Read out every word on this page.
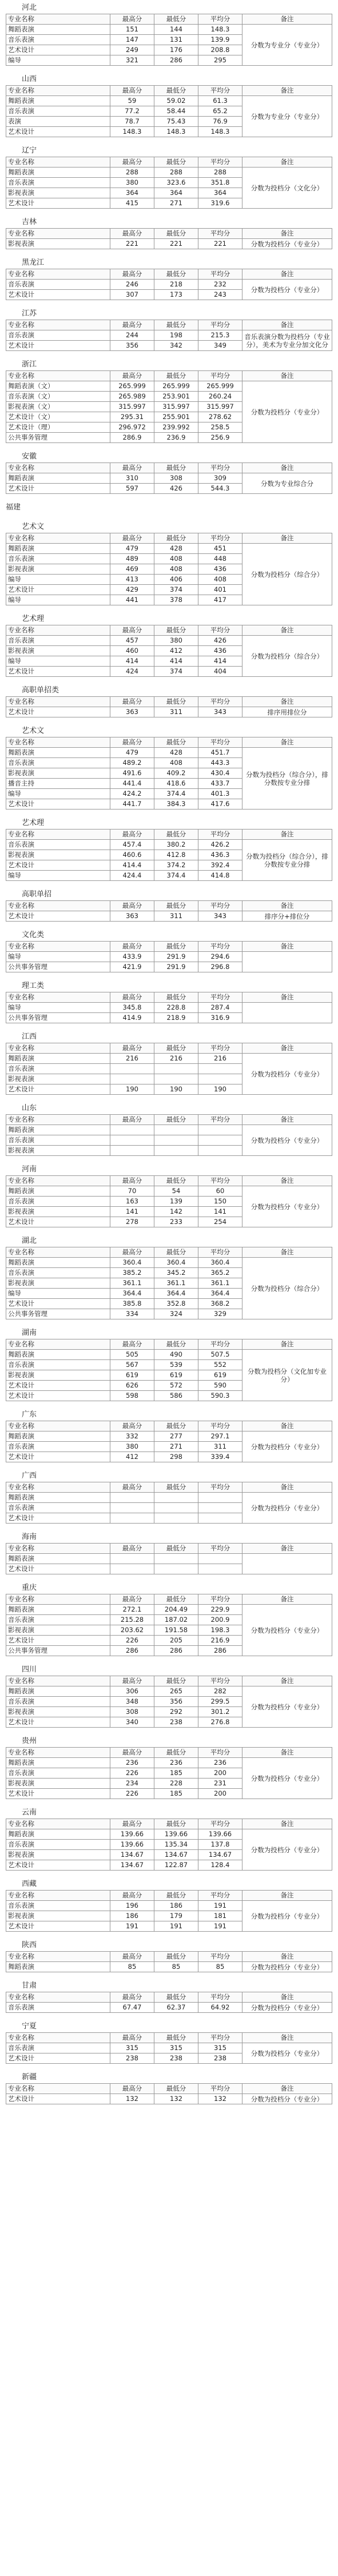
河北
专业名称	最高分	最低分	平均分	备注
舞蹈表演	151	144	148.3	分数为专业分（专业分）
音乐表演	147	131	139.9	
艺术设计	249	176	208.8	
编导	321	286	295	
山西
专业名称	最高分	最低分	平均分	备注
舞蹈表演	59	59.02	61.3	分数为专业分（专业分）
音乐表演	77.2	58.44	65.2	
表演	78.7	75.43	76.9	
艺术设计	148.3	148.3	148.3	
辽宁
专业名称	最高分	最低分	平均分	备注
舞蹈表演	288	288	288	分数为投档分（文化分）
音乐表演	380	323.6	351.8	
影视表演	364	364	364	
艺术设计	415	271	319.6	
吉林
专业名称	最高分	最低分	平均分	备注
影视表演	221	221	221	分数为投档分（专业分）
黑龙江
专业名称	最高分	最低分	平均分	备注
音乐表演	246	218	232	分数为投档分（专业分）
艺术设计	307	173	243	
江苏
专业名称	最高分	最低分	平均分	备注
音乐表演	244	198	215.3	音乐表演分数为投档分（专业分），美术为专业分加文化分
艺术设计	356	342	349	
浙江
专业名称	最高分	最低分	平均分	备注
舞蹈表演（文）	265.999	265.999	265.999	分数为投档分（专业分）
音乐表演（文）	265.989	253.901	260.24	
影视表演（文）	315.997	315.997	315.997	
艺术设计（文）	295.31	255.901	278.62	
艺术设计（理）	296.972	239.992	258.5	
公共事务管理	286.9	236.9	256.9	
安徽
专业名称	最高分	最低分	平均分	备注
舞蹈表演	310	308	309	分数为专业综合分
艺术设计	597	426	544.3	
福建
艺术文
专业名称	最高分	最低分	平均分	备注
舞蹈表演	479	428	451	分数为投档分（综合分）
音乐表演	489	408	448	
影视表演	469	408	436	
编导	413	406	408	
艺术设计	429	374	401	
编导	441	378	417	
艺术理
专业名称	最高分	最低分	平均分	备注
音乐表演	457	380	426	分数为投档分（综合分）
影视表演	460	412	436	
编导	414	414	414	
艺术设计	424	374	404	
高职单招类
专业名称	最高分	最低分	平均分	备注
艺术设计	363	311	343	排序用排位分
艺术文
专业名称	最高分	最低分	平均分	备注
舞蹈表演	479	428	451.7	分数为投档分（综合分），排分数按专业分排
音乐表演	489.2	408	443.3	
影视表演	491.6	409.2	430.4	
播音主持	441.4	418.6	433.7	
编导	424.2	374.4	401.3	
艺术设计	441.7	384.3	417.6	
艺术理
专业名称	最高分	最低分	平均分	备注
音乐表演	457.4	380.2	426.2	分数为投档分（综合分），排分数按专业分排
影视表演	460.6	412.8	436.3	
艺术设计	414.4	374.2	392.4	
编导	424.4	374.4	414.8	
高职单招
专业名称	最高分	最低分	平均分	备注
艺术设计	363	311	343	排序分+排位分
文化类
专业名称	最高分	最低分	平均分	备注
编导	433.9	291.9	294.6	
公共事务管理	421.9	291.9	296.8	
理工类
专业名称	最高分	最低分	平均分	备注
编导	345.8	228.8	287.4	
公共事务管理	414.9	218.9	316.9	
江西
专业名称	最高分	最低分	平均分	备注
舞蹈表演	216	216	216	分数为投档分（专业分）
音乐表演				
影视表演				
艺术设计	190	190	190	
山东
专业名称	最高分	最低分	平均分	备注
舞蹈表演				分数为投档分（专业分）
音乐表演				
影视表演				
河南
专业名称	最高分	最低分	平均分	备注
舞蹈表演	70	54	60	分数为投档分（专业分）
音乐表演	163	139	150	
影视表演	141	142	141	
艺术设计	278	233	254	
湖北
专业名称	最高分	最低分	平均分	备注
舞蹈表演	360.4	360.4	360.4	分数为投档分（综合分）
音乐表演	385.2	345.2	365.2	
影视表演	361.1	361.1	361.1	
编导	364.4	364.4	364.4	
艺术设计	385.8	352.8	368.2	
公共事务管理	334	324	329	
湖南
专业名称	最高分	最低分	平均分	备注
舞蹈表演	505	490	507.5	分数为投档分（文化加专业分）
音乐表演	567	539	552	
影视表演	619	619	619	
艺术设计	626	572	590	
艺术设计	598	586	590.3	
广东
专业名称	最高分	最低分	平均分	备注
舞蹈表演	332	277	297.1	分数为投档分（专业分）
音乐表演	380	271	311	
艺术设计	412	298	339.4	
广西
专业名称	最高分	最低分	平均分	备注
舞蹈表演				分数为投档分（专业分）
音乐表演				
艺术设计				
海南
专业名称	最高分	最低分	平均分	备注
舞蹈表演				
艺术设计				
重庆
专业名称	最高分	最低分	平均分	备注
舞蹈表演	272.1	204.49	229.9	分数为投档分（专业分）
音乐表演	215.28	187.02	200.9	
影视表演	203.62	191.58	198.3	
艺术设计	226	205	216.9	
公共事务管理	286	286	286	
四川
专业名称	最高分	最低分	平均分	备注
舞蹈表演	306	265	282	分数为投档分（专业分）
音乐表演	348	356	299.5	
影视表演	308	292	301.2	
艺术设计	340	238	276.8	
贵州
专业名称	最高分	最低分	平均分	备注
舞蹈表演	236	236	236	分数为投档分（专业分）
音乐表演	226	185	200	
影视表演	234	228	231	
艺术设计	226	185	200	
云南
专业名称	最高分	最低分	平均分	备注
舞蹈表演	139.66	139.66	139.66	分数为投档分（专业分）
音乐表演	139.66	135.34	137.8	
影视表演	134.67	134.67	134.67	
艺术设计	134.67	122.87	128.4	
西藏
专业名称	最高分	最低分	平均分	备注
音乐表演	196	186	191	分数为投档分（专业分）
影视表演	186	179	181	
艺术设计	191	191	191	
陕西
专业名称	最高分	最低分	平均分	备注
舞蹈表演	85	85	85	分数为投档分（专业分）
甘肃
专业名称	最高分	最低分	平均分	备注
音乐表演	67.47	62.37	64.92	分数为投档分（专业分）
宁夏
专业名称	最高分	最低分	平均分	备注
音乐表演	315	315	315	分数为投档分（专业分）
艺术设计	238	238	238	
新疆
专业名称	最高分	最低分	平均分	备注
艺术设计	132	132	132	分数为投档分（专业分）
